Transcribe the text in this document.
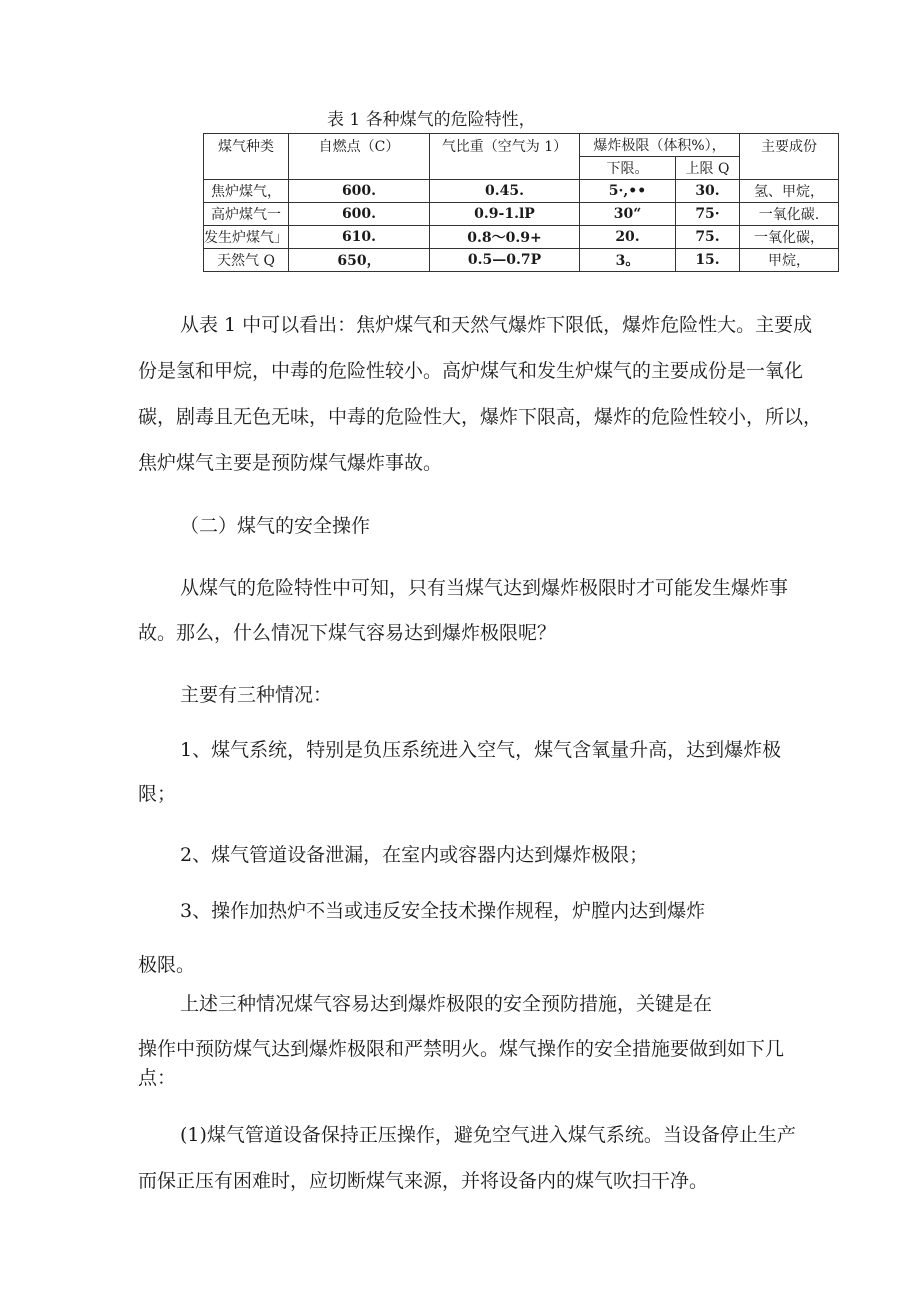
表 1 各种煤气的危险特性，
煤气种类	自燃点（C）	气比重（空气为 1）	爆炸极限（体积%），		主要成份
			下限。	上限 Q	
焦炉煤气，	600.	0.45.	5·,••	30.	氢、甲烷，
高炉煤气一	600.	0.9-1.lP	30“	75·	一氧化碳.
发生炉煤气」	610.	0.8～0.9+	20.	75.	一氧化碳，
天然气 Q	650，	0.5—0.7P	3。	15.	甲烷，
从表 1 中可以看出：焦炉煤气和天然气爆炸下限低，爆炸危险性大。主要成
份是氢和甲烷，中毒的危险性较小。高炉煤气和发生炉煤气的主要成份是一氧化
碳，剧毒且无色无味，中毒的危险性大，爆炸下限高，爆炸的危险性较小，所以，
焦炉煤气主要是预防煤气爆炸事故。
（二）煤气的安全操作
从煤气的危险特性中可知，只有当煤气达到爆炸极限时才可能发生爆炸事
故。那么，什么情况下煤气容易达到爆炸极限呢？
主要有三种情况：
1、煤气系统，特别是负压系统进入空气，煤气含氧量升高，达到爆炸极
限；
2、煤气管道设备泄漏，在室内或容器内达到爆炸极限；
3、操作加热炉不当或违反安全技术操作规程，炉膛内达到爆炸
极限。
上述三种情况煤气容易达到爆炸极限的安全预防措施，关键是在
操作中预防煤气达到爆炸极限和严禁明火。煤气操作的安全措施要做到如下几
点：
(1)煤气管道设备保持正压操作，避免空气进入煤气系统。当设备停止生产
而保正压有困难时，应切断煤气来源，并将设备内的煤气吹扫干净。
